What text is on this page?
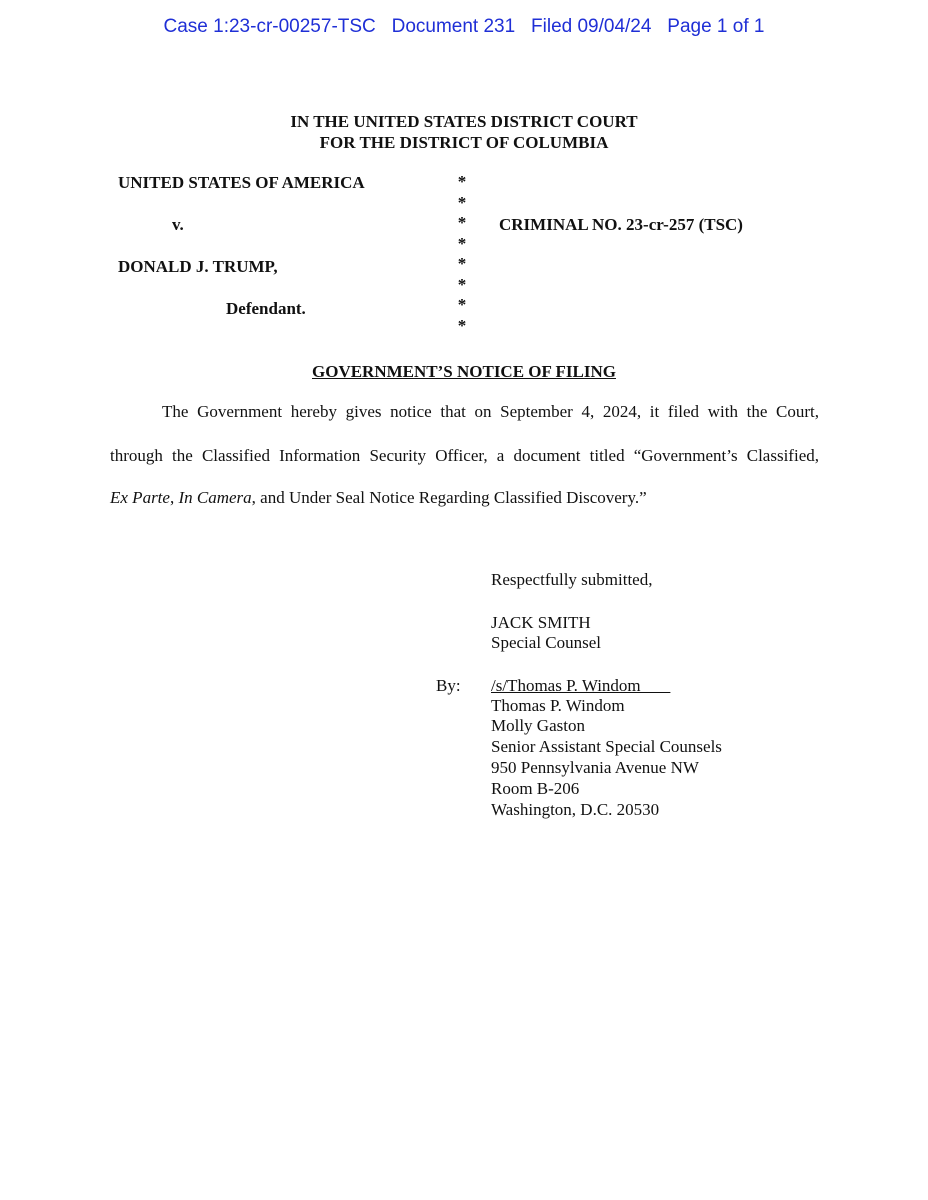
Case 1:23-cr-00257-TSC   Document 231   Filed 09/04/24   Page 1 of 1
IN THE UNITED STATES DISTRICT COURT
FOR THE DISTRICT OF COLUMBIA
UNITED STATES OF AMERICA
v.
DONALD J. TRUMP,
Defendant.
*
*
*
*
*
*
*
*
CRIMINAL NO. 23-cr-257 (TSC)
GOVERNMENT’S NOTICE OF FILING
The Government hereby gives notice that on September 4, 2024, it filed with the Court,
through the Classified Information Security Officer, a document titled “Government’s Classified,
Ex Parte, In Camera, and Under Seal Notice Regarding Classified Discovery.”
Respectfully submitted,
JACK SMITH
Special Counsel
By: /s/Thomas P. Windom
Thomas P. Windom
Molly Gaston
Senior Assistant Special Counsels
950 Pennsylvania Avenue NW
Room B-206
Washington, D.C. 20530
